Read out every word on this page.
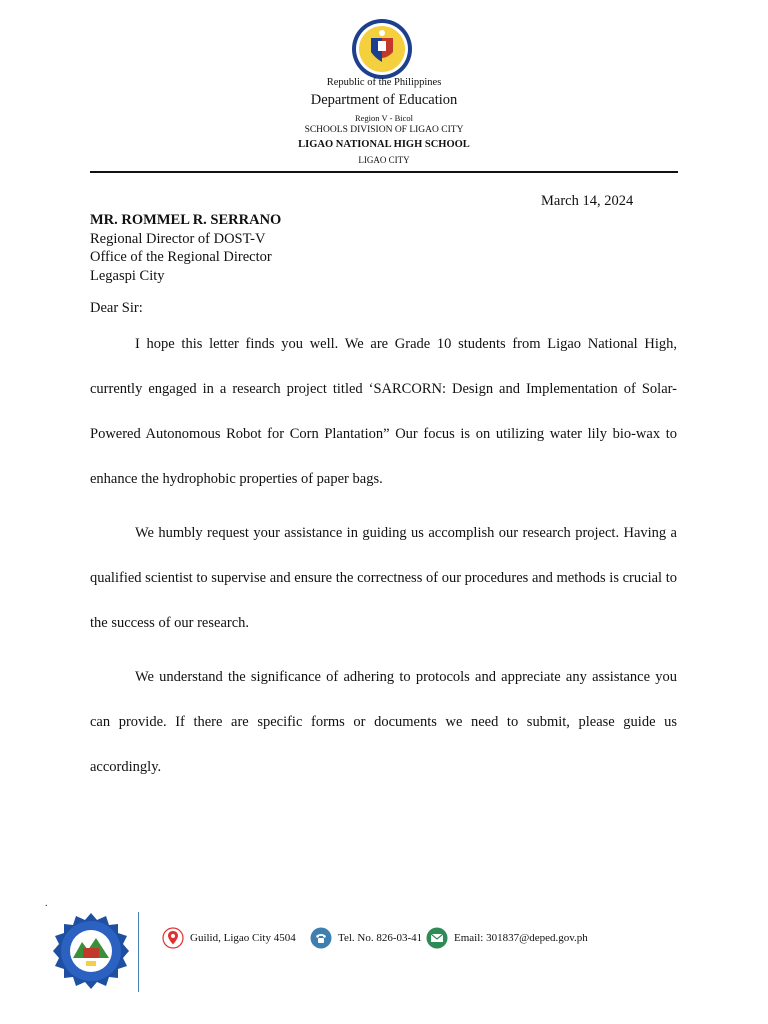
Republic of the Philippines
Department of Education
Region V - Bicol
SCHOOLS DIVISION OF LIGAO CITY
LIGAO NATIONAL HIGH SCHOOL
LIGAO CITY
March 14, 2024
MR. ROMMEL R. SERRANO
Regional Director of DOST-V
Office of the Regional Director
Legaspi City
Dear Sir:
I hope this letter finds you well. We are Grade 10 students from Ligao National High, currently engaged in a research project titled ‘SARCORN: Design and Implementation of Solar-Powered Autonomous Robot for Corn Plantation” Our focus is on utilizing water lily bio-wax to enhance the hydrophobic properties of paper bags.
We humbly request your assistance in guiding us accomplish our research project. Having a qualified scientist to supervise and ensure the correctness of our procedures and methods is crucial to the success of our research.
We understand the significance of adhering to protocols and appreciate any assistance you can provide. If there are specific forms or documents we need to submit, please guide us accordingly.
.
Guilid, Ligao City 4504	Tel. No. 826-03-41	Email: 301837@deped.gov.ph
